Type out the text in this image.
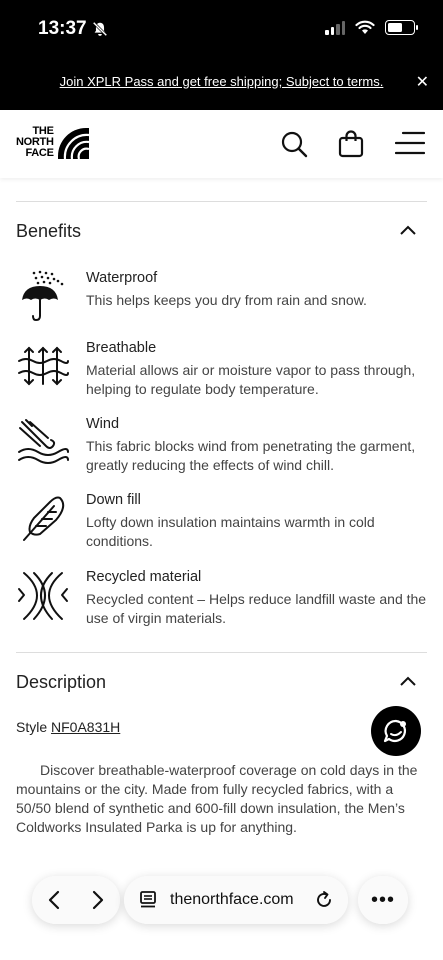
13:37
Join XPLR Pass and get free shipping; Subject to terms.	✕
THE
NORTH
FACE
Benefits
Waterproof
This helps keeps you dry from rain and snow.
Breathable
Material allows air or moisture vapor to pass through, helping to regulate body temperature.
Wind
This fabric blocks wind from penetrating the garment, greatly reducing the effects of wind chill.
Down fill
Lofty down insulation maintains warmth in cold conditions.
Recycled material
Recycled content – Helps reduce landfill waste and the use of virgin materials.
Description
Style NF0A831H
Discover breathable-waterproof coverage on cold days in the mountains or the city. Made from fully recycled fabrics, with a 50/50 blend of synthetic and 600-fill down insulation, the Men’s Coldworks Insulated Parka is up for anything.
thenorthface.com	•••
